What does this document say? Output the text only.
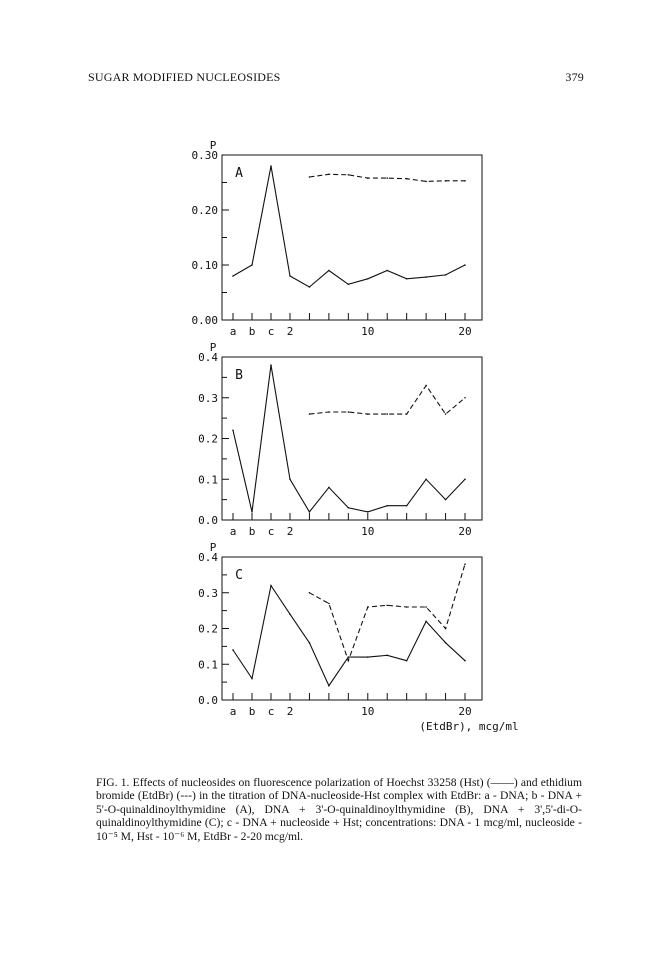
SUGAR MODIFIED NUCLEOSIDES	379
0.00
0.10
0.20
0.30
a b c 2	10	20
P
A
0.0
0.1
0.2
0.3
0.4
a b c 2	10	20
P
B
0.0
0.1
0.2
0.3
0.4
a b c 2	10	20
P
C
(EtdBr), mcg/ml

FIG. 1. Effects of nucleosides on fluorescence polarization of Hoechst 33258 (Hst) (——) and ethidium bromide (EtdBr) (---) in the titration of DNA-nucleoside-Hst complex with EtdBr: a - DNA; b - DNA + 5'-O-quinaldinoylthymidine (A), DNA + 3'-O-quinaldinoylthymidine (B), DNA + 3',5'-di-O-quinaldinoylthymidine (C); c - DNA + nucleoside + Hst; concentrations: DNA - 1 mcg/ml, nucleoside - 10⁻⁵ M, Hst - 10⁻⁶ M, EtdBr - 2-20 mcg/ml.
